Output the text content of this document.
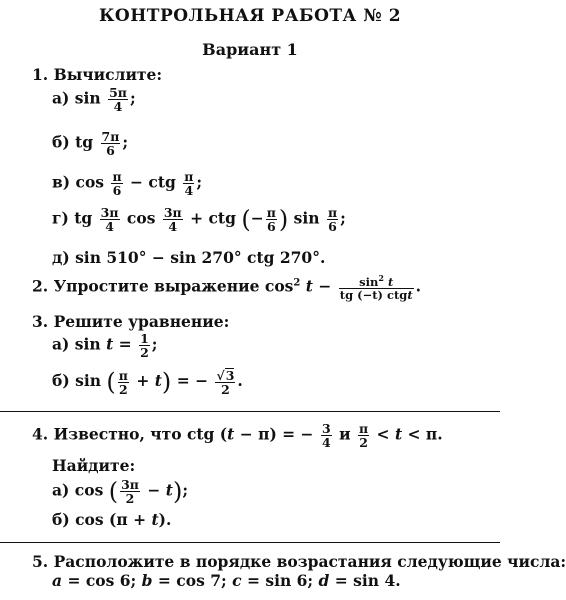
КОНТРОЛЬНАЯ РАБОТА № 2
Вариант 1
1. Вычислите:
а) $\sin \frac{5\pi}{4}$ ;
б) tg $\frac{7\pi}{6}$ ;
в) $\cos \frac{\pi}{6}$ − ctg $\frac{\pi}{4}$ ;
г) tg $\frac{3\pi}{4}$ $\cos \frac{3\pi}{4}$ + ctg (− $\frac{\pi}{6}$ ) $\sin \frac{\pi}{6}$ ;
д) sin 510° − sin 270° ctg 270°.
2. Упростите выражение $\cos^2 t - \frac{\sin^2 t}{\text{tg (−t) ctgt}}$ .
3. Решите уравнение:
а) $\sin t = \frac{1}{2}$ ;
б) sin ( $\frac{\pi}{2} + t$) = − $\frac{√3}{2}$ .
4. Известно, что ctg (t − π) = − $\frac{3}{4}$ и $\frac{\pi}{2} < t < \pi$.
Найдите:
а) cos ( $\frac{3\pi}{2} - t$);
б) cos (π + t).
5. Расположите в порядке возрастания следующие числа:
a = cos 6; b = cos 7; c = sin 6; d = sin 4.
